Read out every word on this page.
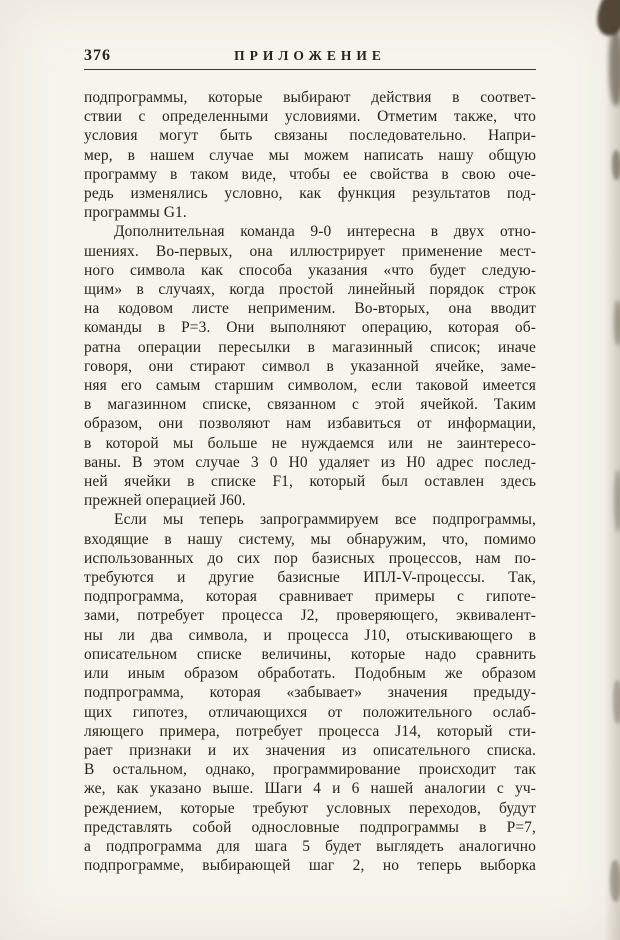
376	ПРИЛОЖЕНИЕ
подпрограммы, которые выбирают действия в соответ-
ствии с определенными условиями. Отметим также, что
условия могут быть связаны последовательно. Напри-
мер, в нашем случае мы можем написать нашу общую
программу в таком виде, чтобы ее свойства в свою оче-
редь изменялись условно, как функция результатов под-
программы G1.
Дополнительная команда 9-0 интересна в двух отно-
шениях. Во-первых, она иллюстрирует применение мест-
ного символа как способа указания «что будет следую-
щим» в случаях, когда простой линейный порядок строк
на кодовом листе неприменим. Во-вторых, она вводит
команды в Р=3. Они выполняют операцию, которая об-
ратна операции пересылки в магазинный список; иначе
говоря, они стирают символ в указанной ячейке, заме-
няя его самым старшим символом, если таковой имеется
в магазинном списке, связанном с этой ячейкой. Таким
образом, они позволяют нам избавиться от информации,
в которой мы больше не нуждаемся или не заинтересо-
ваны. В этом случае 3 0 Н0 удаляет из Н0 адрес послед-
ней ячейки в списке F1, который был оставлен здесь
прежней операцией J60.
Если мы теперь запрограммируем все подпрограммы,
входящие в нашу систему, мы обнаружим, что, помимо
использованных до сих пор базисных процессов, нам по-
требуются и другие базисные ИПЛ-V-процессы. Так,
подпрограмма, которая сравнивает примеры с гипоте-
зами, потребует процесса J2, проверяющего, эквивалент-
ны ли два символа, и процесса J10, отыскивающего в
описательном списке величины, которые надо сравнить
или иным образом обработать. Подобным же образом
подпрограмма, которая «забывает» значения предыду-
щих гипотез, отличающихся от положительного ослаб-
ляющего примера, потребует процесса J14, который сти-
рает признаки и их значения из описательного списка.
В остальном, однако, программирование происходит так
же, как указано выше. Шаги 4 и 6 нашей аналогии с уч-
реждением, которые требуют условных переходов, будут
представлять собой однословные подпрограммы в Р=7,
а подпрограмма для шага 5 будет выглядеть аналогично
подпрограмме, выбирающей шаг 2, но теперь выборка
